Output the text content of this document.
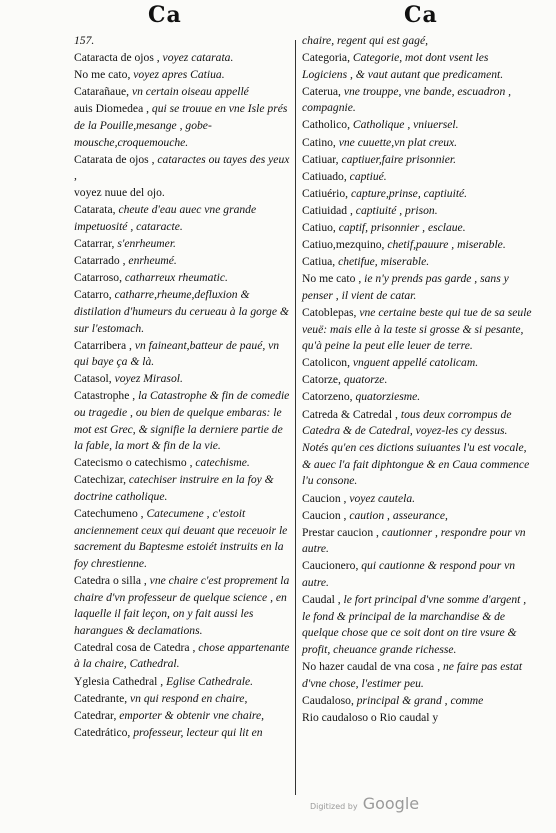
Ca	Ca
157.
Cataracta de ojos , voyez catarata.
No me cato, voyez apres Catiua.
Catarañaue, vn certain oiseau appellé
auis Diomedea , qui se trouue en vne Isle prés de la Pouille,mesange , gobe-mousche,croquemouche.
Catarata de ojos , cataractes ou tayes des yeux ,
voyez nuue del ojo.
Catarata, cheute d'eau auec vne grande impetuosité , cataracte.
Catarrar, s'enrheumer.
Catarrado , enrheumé.
Catarroso, catharreux rheumatic.
Catarro, catharre,rheume,defluxion & distilation d'humeurs du cerueau à la gorge & sur l'estomach.
Catarribera , vn faineant,batteur de paué, vn qui baye ça & là.
Catasol, voyez Mirasol.
Catastrophe , la Catastrophe & fin de comedie ou tragedie , ou bien de quelque embaras: le mot est Grec, & signifie la derniere partie de la fable, la mort & fin de la vie.
Catecismo o catechismo , catechisme.
Catechizar, catechiser instruire en la foy & doctrine catholique.
Catechumeno , Catecumene , c'estoit anciennement ceux qui deuant que receuoir le sacrement du Baptesme estoiét instruits en la foy chrestienne.
Catedra o silla , vne chaire c'est proprement la chaire d'vn professeur de quelque science , en laquelle il fait leçon, on y fait aussi les harangues & declamations.
Catedral cosa de Catedra , chose appartenante à la chaire, Cathedral.
Yglesia Cathedral , Eglise Cathedrale.
Catedrante, vn qui respond en chaire,
Catedrar, emporter & obtenir vne chaire,
Catedrático, professeur, lecteur qui lit en
chaire, regent qui est gagé,
Categoria, Categorie, mot dont vsent les Logiciens , & vaut autant que predicament.
Caterua, vne trouppe, vne bande, escuadron , compagnie.
Catholico, Catholique , vniuersel.
Catino, vne cuuette,vn plat creux.
Catiuar, captiuer,faire prisonnier.
Catiuado, captiué.
Catiuério, capture,prinse, captiuité.
Catiuidad , captiuité , prison.
Catiuo, captif, prisonnier , esclaue.
Catiuo,mezquino, chetif,pauure , miserable.
Catiua, chetifue, miserable.
No me cato , ie n'y prends pas garde , sans y penser , il vient de catar.
Catoblepas, vne certaine beste qui tue de sa seule veuë: mais elle à la teste si grosse & si pesante, qu'à peine la peut elle leuer de terre.
Catolicon, vnguent appellé catolicam.
Catorze, quatorze.
Catorzeno, quatorziesme.
Catreda & Catredal , tous deux corrompus de Catedra & de Catedral, voyez-les cy dessus.
Notés qu'en ces dictions suiuantes l'u est vocale, & auec l'a fait diphtongue & en Caua commence l'u consone.
Caucion , voyez cautela.
Caucion , caution , asseurance,
Prestar caucion , cautionner , respondre pour vn autre.
Caucionero, qui cautionne & respond pour vn autre.
Caudal , le fort principal d'vne somme d'argent , le fond & principal de la marchandise & de quelque chose que ce soit dont on tire vsure & profit, cheuance grande richesse.
No hazer caudal de vna cosa , ne faire pas estat d'vne chose, l'estimer peu.
Caudaloso, principal & grand , comme
Rio caudaloso o Rio caudal y
Digitized by Google
